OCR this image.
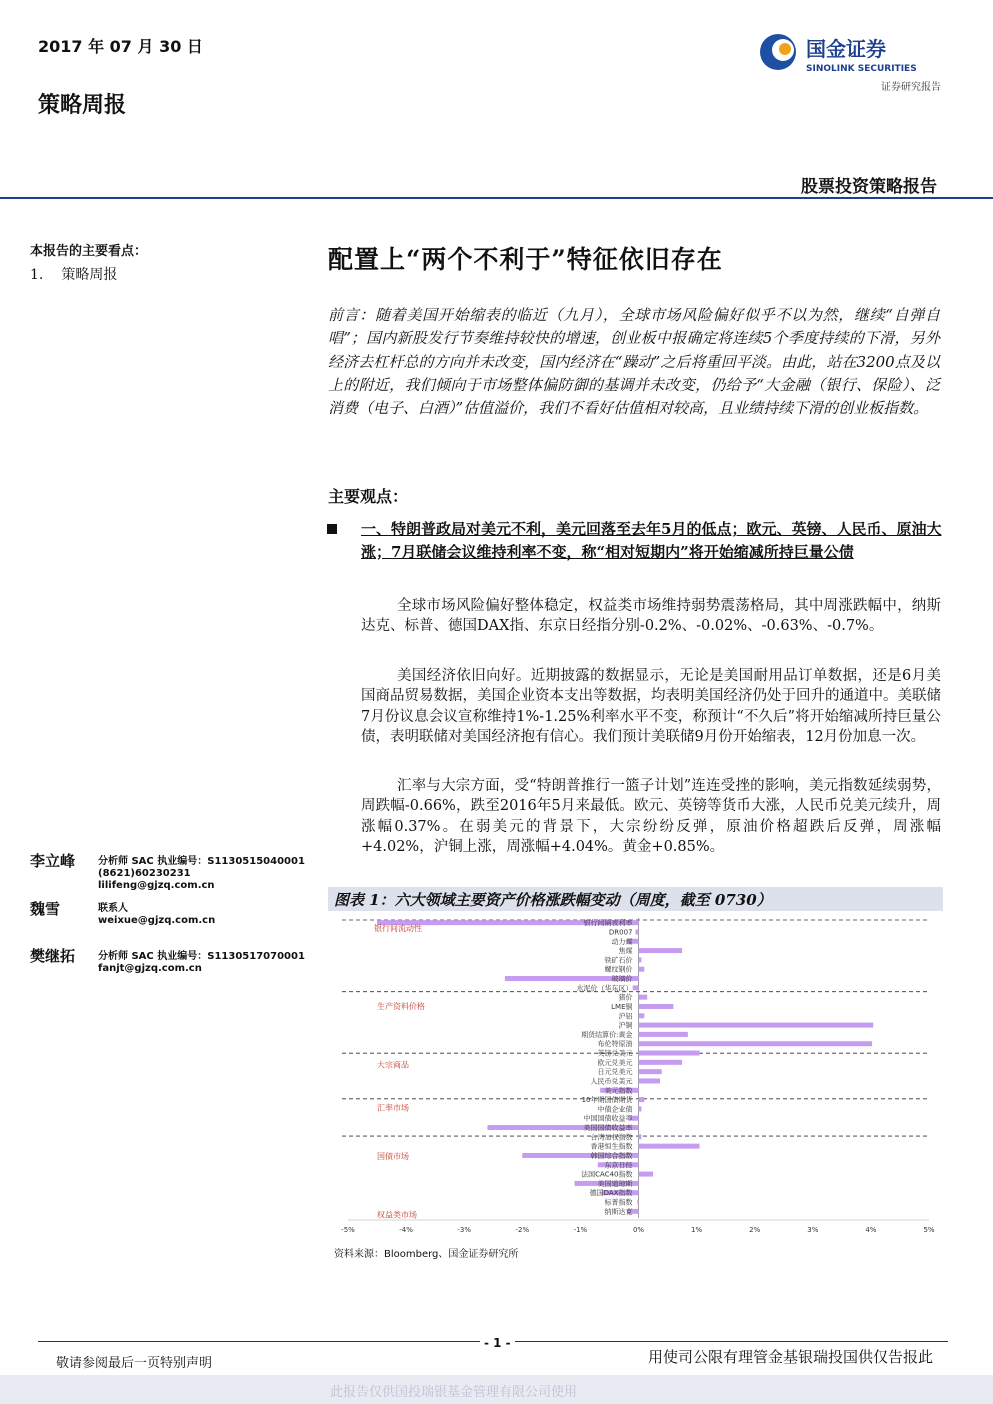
2017 年 07 月 30 日
策略周报
国金证券
SINOLINK SECURITIES
证券研究报告
股票投资策略报告
本报告的主要看点：
1. 策略周报
配置上“两个不利于”特征依旧存在
前言：随着美国开始缩表的临近（九月），全球市场风险偏好似乎不以为然，继续“自弹自唱”；国内新股发行节奏维持较快的增速，创业板中报确定将连续5个季度持续的下滑，另外经济去杠杆总的方向并未改变，国内经济在“躁动”之后将重回平淡。由此，站在3200点及以上的附近，我们倾向于市场整体偏防御的基调并未改变，仍给予“大金融（银行、保险）、泛消费（电子、白酒）”估值溢价，我们不看好估值相对较高，且业绩持续下滑的创业板指数。
主要观点：
一、特朗普政局对美元不利，美元回落至去年5月的低点；欧元、英镑、人民币、原油大涨；7月联储会议维持利率不变，称“相对短期内”将开始缩减所持巨量公债
全球市场风险偏好整体稳定，权益类市场维持弱势震荡格局，其中周涨跌幅中，纳斯达克、标普、德国DAX指、东京日经指分别-0.2%、-0.02%、-0.63%、-0.7%。
美国经济依旧向好。近期披露的数据显示，无论是美国耐用品订单数据，还是6月美国商品贸易数据，美国企业资本支出等数据，均表明美国经济仍处于回升的通道中。美联储7月份议息会议宣称维持1%-1.25%利率水平不变，称预计“不久后”将开始缩减所持巨量公债，表明联储对美国经济抱有信心。我们预计美联储9月份开始缩表，12月份加息一次。
汇率与大宗方面，受“特朗普推行一篮子计划”连连受挫的影响，美元指数延续弱势，周跌幅-0.66%，跌至2016年5月来最低。欧元、英镑等货币大涨，人民币兑美元续升，周涨幅0.37%。在弱美元的背景下，大宗纷纷反弹，原油价格超跌后反弹，周涨幅+4.02%，沪铜上涨，周涨幅+4.04%。黄金+0.85%。
李立峰 分析师 SAC 执业编号：S1130515040001
(8621)60230231
lilifeng@gjzq.com.cn
魏雪	联系人
weixue@gjzq.com.cn
樊继拓 分析师 SAC 执业编号：S1130517070001
fanjt@gjzq.com.cn
图表 1：六大领域主要资产价格涨跌幅变动（周度，截至 0730）
银行间隔夜利率
DR007
动力煤
焦煤
铁矿石价
螺纹钢价
玻璃价
水泥价（华东区）
猪价
LME铜
沪铝
沪铜
期货结算价:黄金
布伦特原油
英镑兑美元
欧元兑美元
日元兑美元
人民币兑美元
美元指数
10年期国债期货
中债企业债
中国国债收益率
美国国债收益率
台湾加权指数
香港恒生指数
韩国综合指数
东京日经
法国CAC40指数
美国道琼斯
德国DAX指数
标普指数
纳斯达克
银行间流动性
生产资料价格
大宗商品
汇率市场
国债市场
权益类市场
-5%	-4%	-3%	-2%	-1%	0%	1%	2%	3%	4%	5%
资料来源：Bloomberg、国金证券研究所
- 1 -
敬请参阅最后一页特别声明	用使司公限有理管金基银瑞投国供仅告报此
此报告仅供国投瑞银基金管理有限公司使用
